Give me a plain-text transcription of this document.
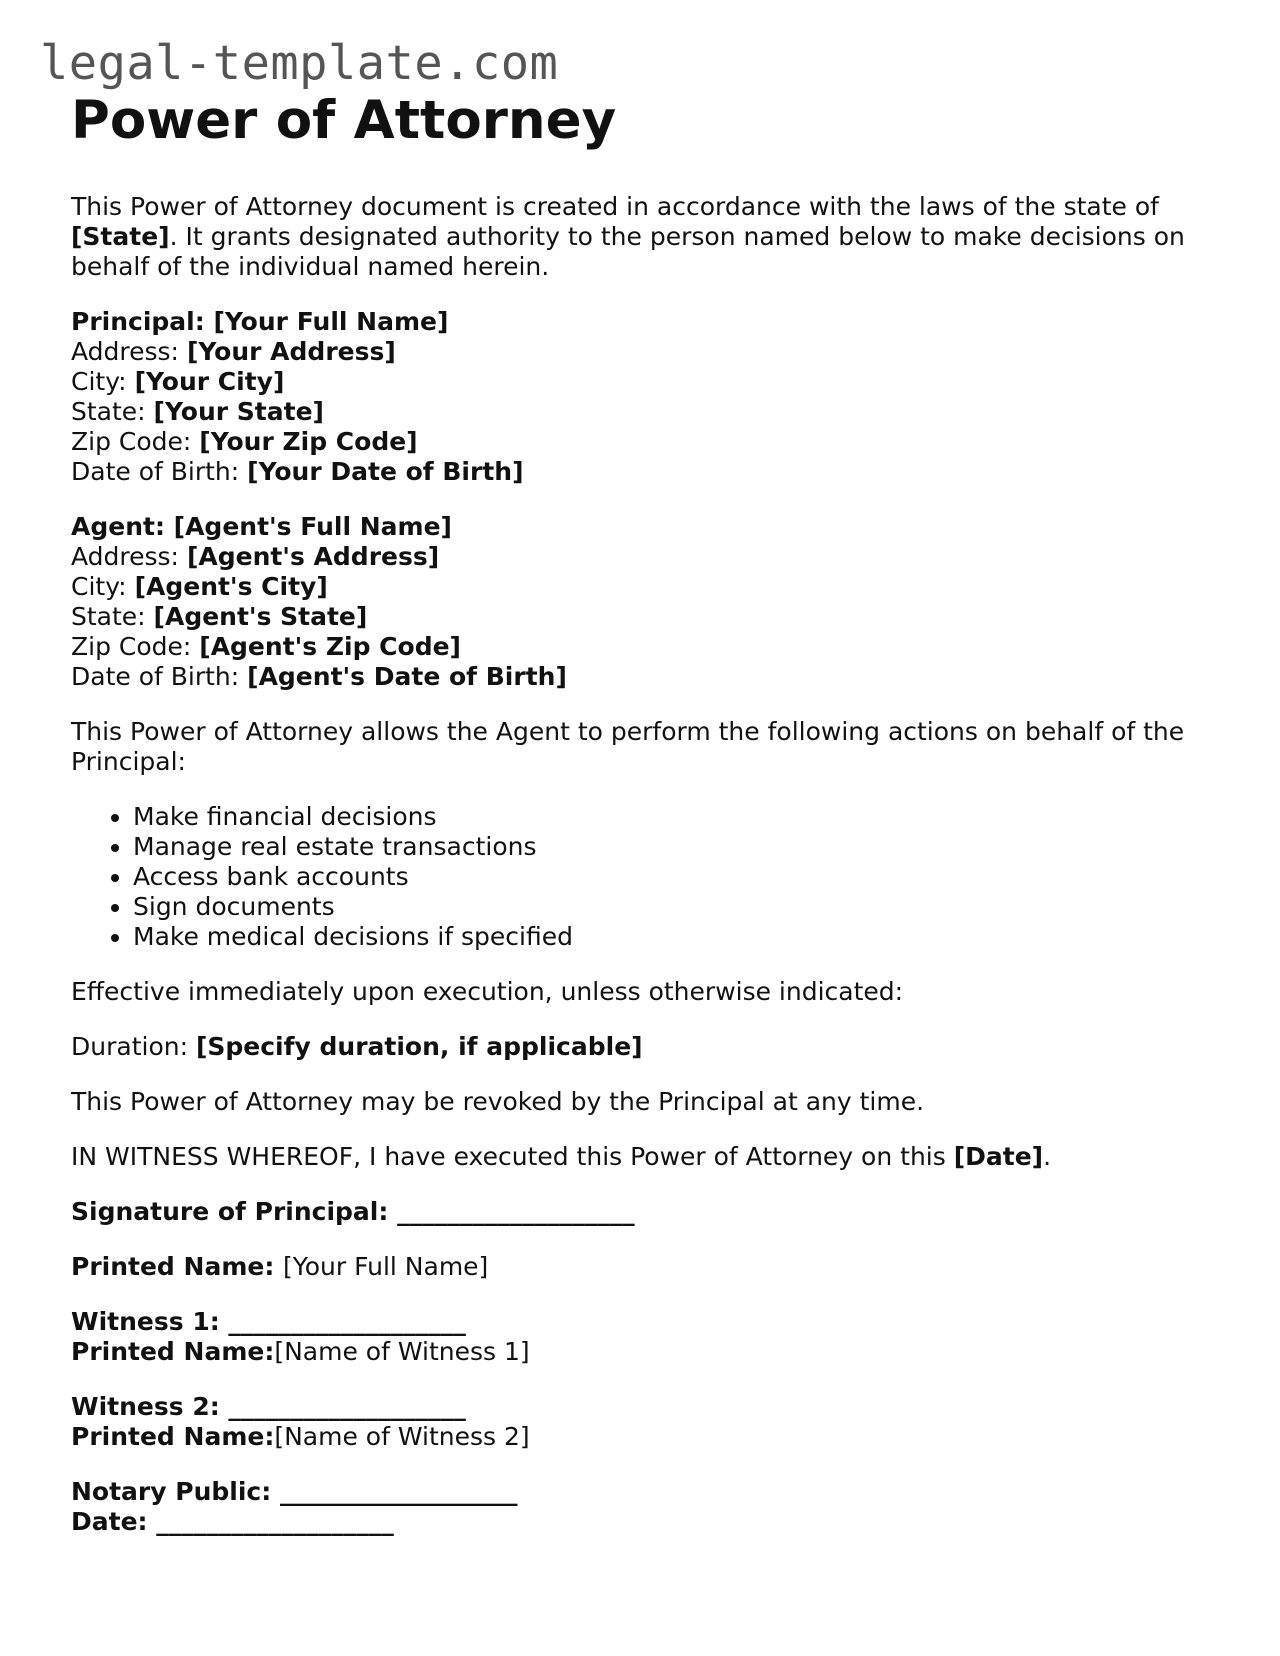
legal-template.com
Power of Attorney

This Power of Attorney document is created in accordance with the laws of the state of [State]. It grants designated authority to the person named below to make decisions on behalf of the individual named herein.

Principal: [Your Full Name]
Address: [Your Address]
City: [Your City]
State: [Your State]
Zip Code: [Your Zip Code]
Date of Birth: [Your Date of Birth]
Agent: [Agent's Full Name]
Address: [Agent's Address]
City: [Agent's City]
State: [Agent's State]
Zip Code: [Agent's Zip Code]
Date of Birth: [Agent's Date of Birth]

This Power of Attorney allows the Agent to perform the following actions on behalf of the Principal:

• Make financial decisions
• Manage real estate transactions
• Access bank accounts
• Sign documents
• Make medical decisions if specified

Effective immediately upon execution, unless otherwise indicated:

Duration: [Specify duration, if applicable]

This Power of Attorney may be revoked by the Principal at any time.

IN WITNESS WHEREOF, I have executed this Power of Attorney on this [Date].

Signature of Principal: ___________________

Printed Name: [Your Full Name]

Witness 1: ___________________
Printed Name:[Name of Witness 1]
Witness 2: ___________________
Printed Name:[Name of Witness 2]
Notary Public: ___________________
Date: ___________________
